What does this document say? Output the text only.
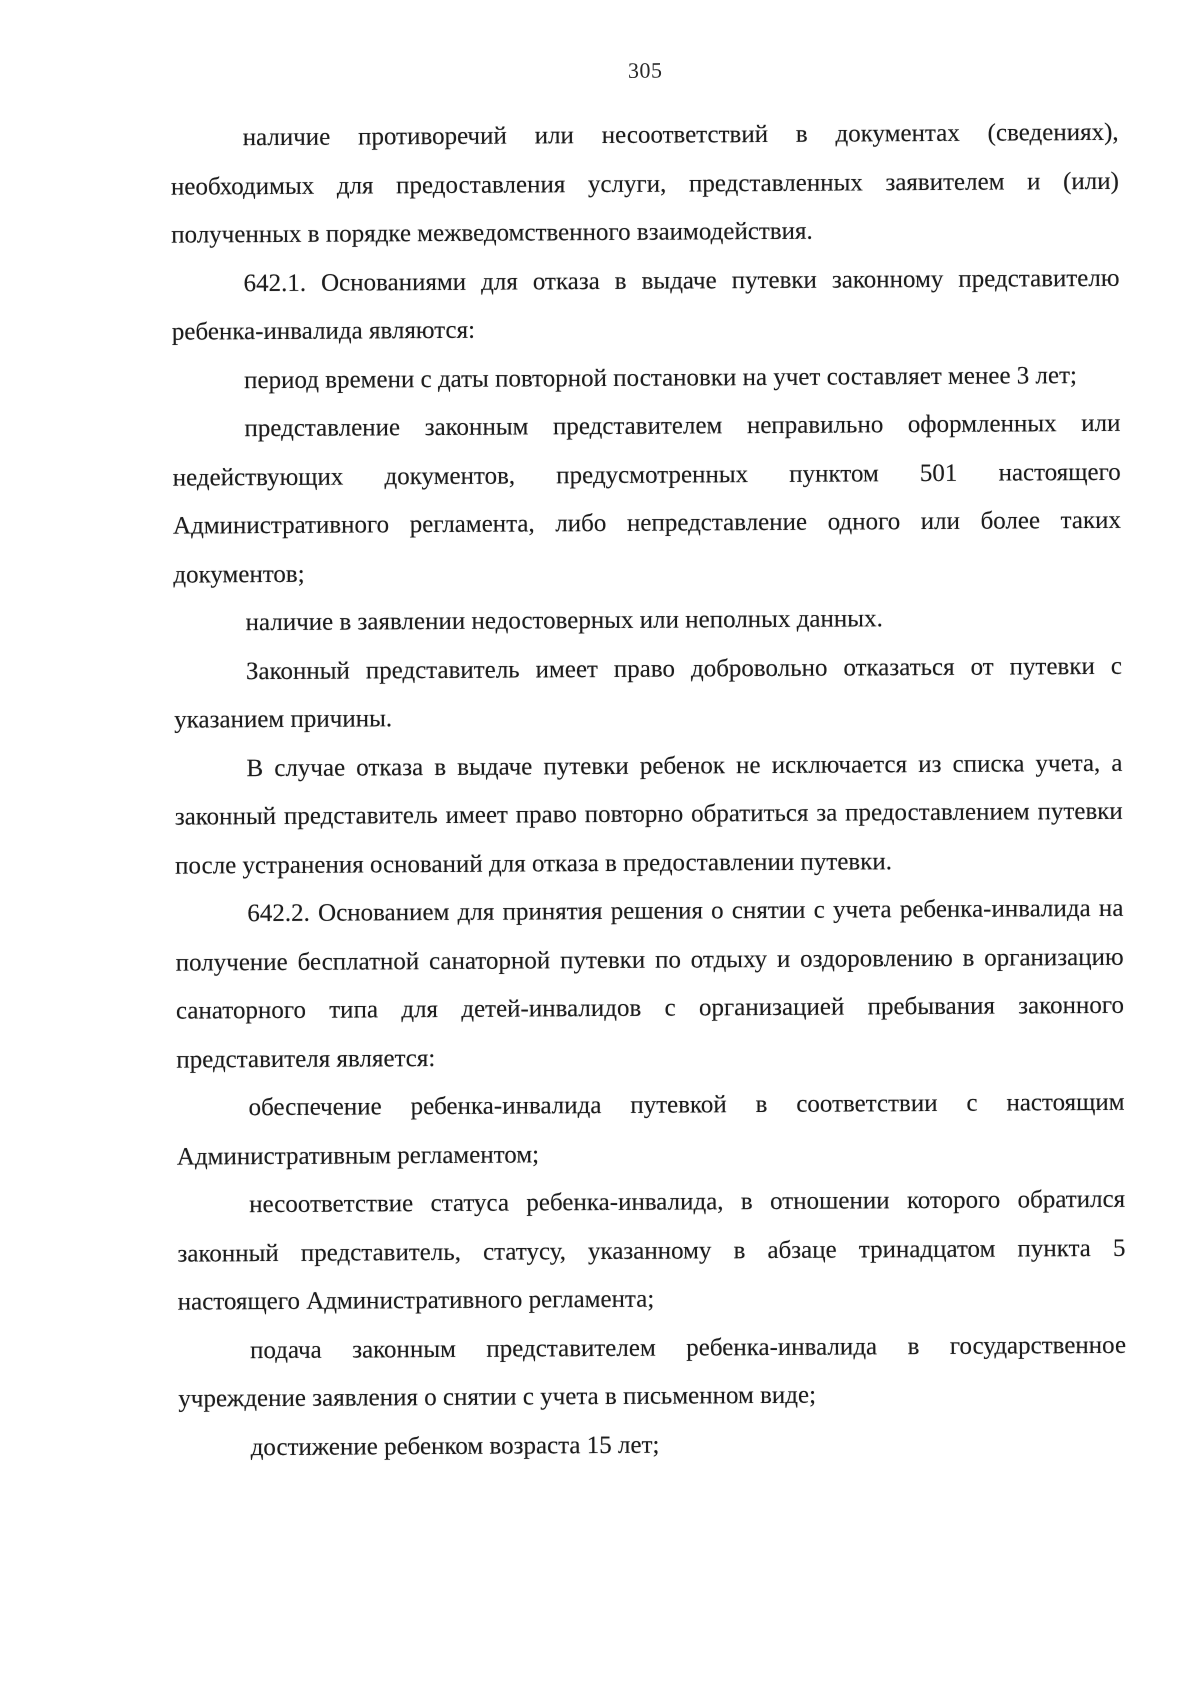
305

наличие противоречий или несоответствий в документах (сведениях), необходимых для предоставления услуги, представленных заявителем и (или) полученных в порядке межведомственного взаимодействия.

642.1. Основаниями для отказа в выдаче путевки законному представителю ребенка-инвалида являются:

период времени с даты повторной постановки на учет составляет менее 3 лет;

представление законным представителем неправильно оформленных или недействующих документов, предусмотренных пунктом 501 настоящего Административного регламента, либо непредставление одного или более таких документов;

наличие в заявлении недостоверных или неполных данных.

Законный представитель имеет право добровольно отказаться от путевки с указанием причины.

В случае отказа в выдаче путевки ребенок не исключается из списка учета, а законный представитель имеет право повторно обратиться за предоставлением путевки после устранения оснований для отказа в предоставлении путевки.

642.2. Основанием для принятия решения о снятии с учета ребенка-инвалида на получение бесплатной санаторной путевки по отдыху и оздоровлению в организацию санаторного типа для детей-инвалидов с организацией пребывания законного представителя является:

обеспечение ребенка-инвалида путевкой в соответствии с настоящим Административным регламентом;

несоответствие статуса ребенка-инвалида, в отношении которого обратился законный представитель, статусу, указанному в абзаце тринадцатом пункта 5 настоящего Административного регламента;

подача законным представителем ребенка-инвалида в государственное учреждение заявления о снятии с учета в письменном виде;

достижение ребенком возраста 15 лет;
